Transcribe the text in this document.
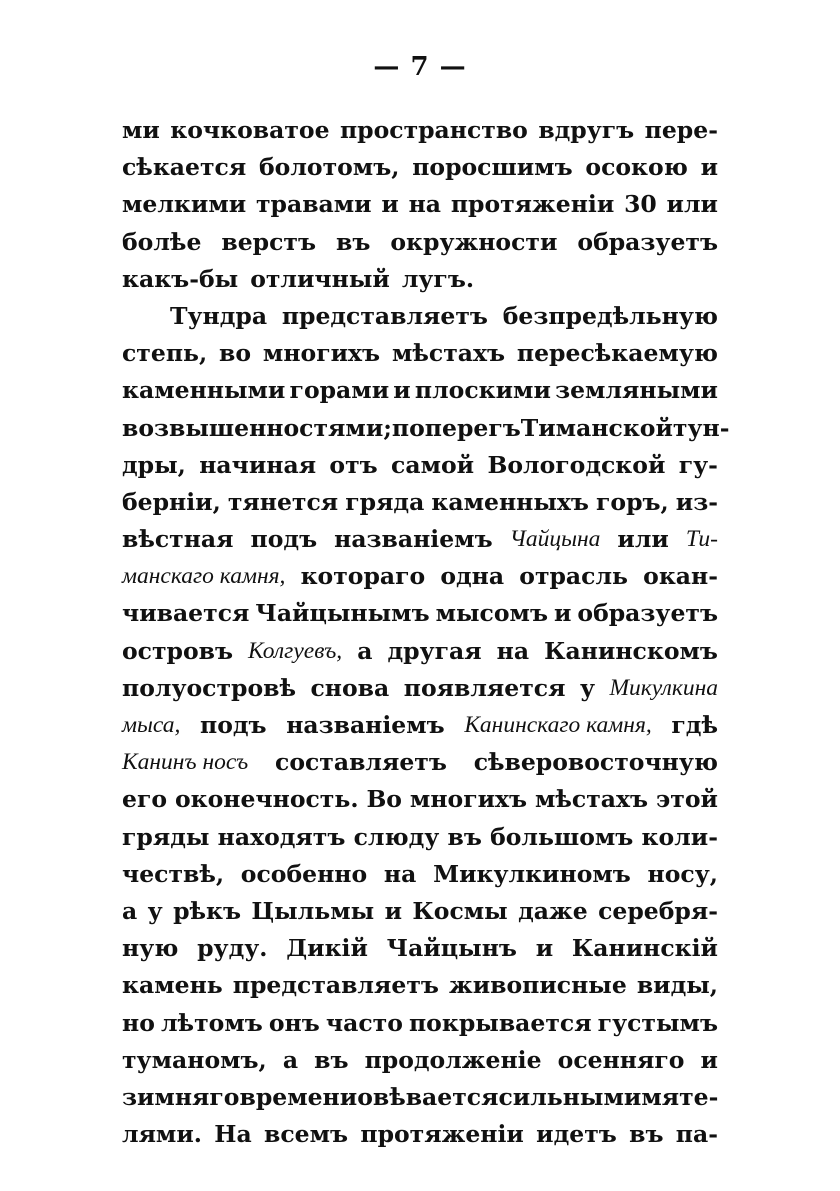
— 7 —
ми кочковатое пространство вдругъ пере-
сѣкается болотомъ, поросшимъ осокою и
мелкими травами и на протяженіи 30 или
болѣе верстъ въ окружности образуетъ
какъ-бы отличный лугъ.
Тундра представляетъ безпредѣльную
степь, во многихъ мѣстахъ пересѣкаемую
каменными горами и плоскими земляными
возвышенностями; поперегъ Тиманской тун-
дры, начиная отъ самой Вологодской гу-
берніи, тянется гряда каменныхъ горъ, из-
вѣстная подъ названіемъ Чайцына или Ти-
манскаго камня, котораго одна отрасль окан-
чивается Чайцынымъ мысомъ и образуетъ
островъ Колгуевъ, а другая на Канинскомъ
полуостровѣ снова появляется у Микулкина
мыса, подъ названіемъ Канинскаго камня, гдѣ
Канинъ носъ составляетъ сѣверовосточную
его оконечность. Во многихъ мѣстахъ этой
гряды находятъ слюду въ большомъ коли-
чествѣ, особенно на Микулкиномъ носу,
а у рѣкъ Цыльмы и Космы даже серебря-
ную руду. Дикій Чайцынъ и Канинскій
камень представляетъ живописные виды,
но лѣтомъ онъ часто покрывается густымъ
туманомъ, а въ продолженіе осенняго и
зимняго времени овѣвается сильными мяте-
лями. На всемъ протяженіи идетъ въ па-
